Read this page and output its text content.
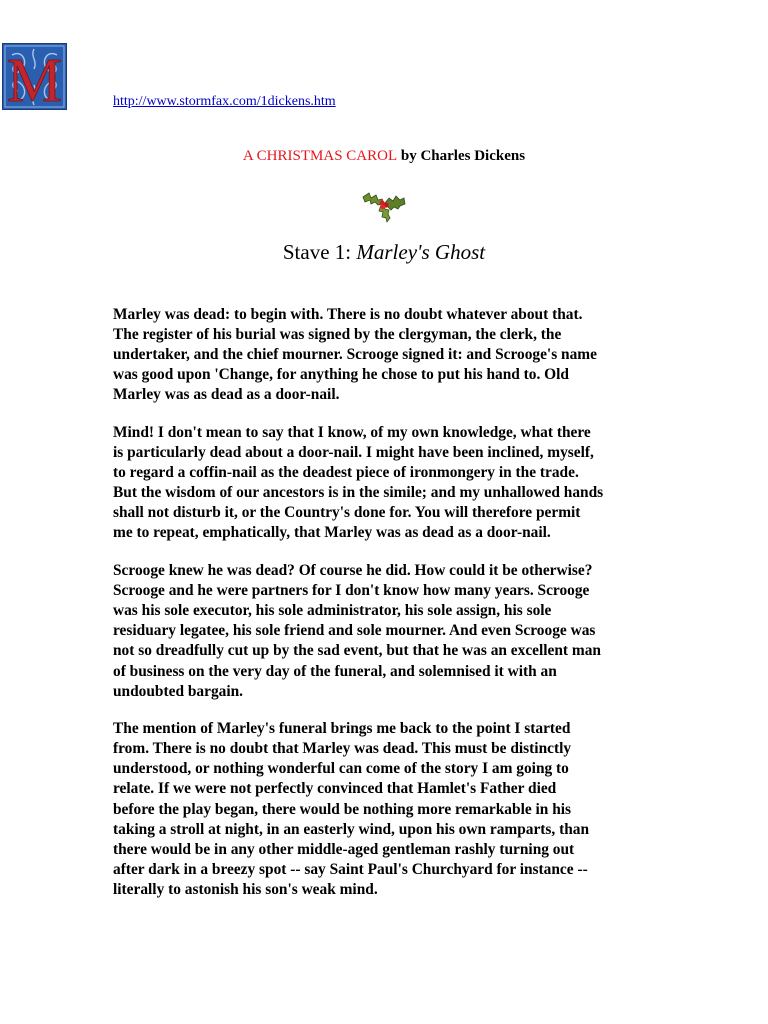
M	http://www.stormfax.com/1dickens.htm
A CHRISTMAS CAROL by Charles Dickens
Stave 1: Marley's Ghost

Marley was dead: to begin with. There is no doubt whatever about that.
The register of his burial was signed by the clergyman, the clerk, the
undertaker, and the chief mourner. Scrooge signed it: and Scrooge's name
was good upon 'Change, for anything he chose to put his hand to. Old
Marley was as dead as a door-nail.

Mind! I don't mean to say that I know, of my own knowledge, what there
is particularly dead about a door-nail. I might have been inclined, myself,
to regard a coffin-nail as the deadest piece of ironmongery in the trade.
But the wisdom of our ancestors is in the simile; and my unhallowed hands
shall not disturb it, or the Country's done for. You will therefore permit
me to repeat, emphatically, that Marley was as dead as a door-nail.

Scrooge knew he was dead? Of course he did. How could it be otherwise?
Scrooge and he were partners for I don't know how many years. Scrooge
was his sole executor, his sole administrator, his sole assign, his sole
residuary legatee, his sole friend and sole mourner. And even Scrooge was
not so dreadfully cut up by the sad event, but that he was an excellent man
of business on the very day of the funeral, and solemnised it with an
undoubted bargain.

The mention of Marley's funeral brings me back to the point I started
from. There is no doubt that Marley was dead. This must be distinctly
understood, or nothing wonderful can come of the story I am going to
relate. If we were not perfectly convinced that Hamlet's Father died
before the play began, there would be nothing more remarkable in his
taking a stroll at night, in an easterly wind, upon his own ramparts, than
there would be in any other middle-aged gentleman rashly turning out
after dark in a breezy spot -- say Saint Paul's Churchyard for instance --
literally to astonish his son's weak mind.
